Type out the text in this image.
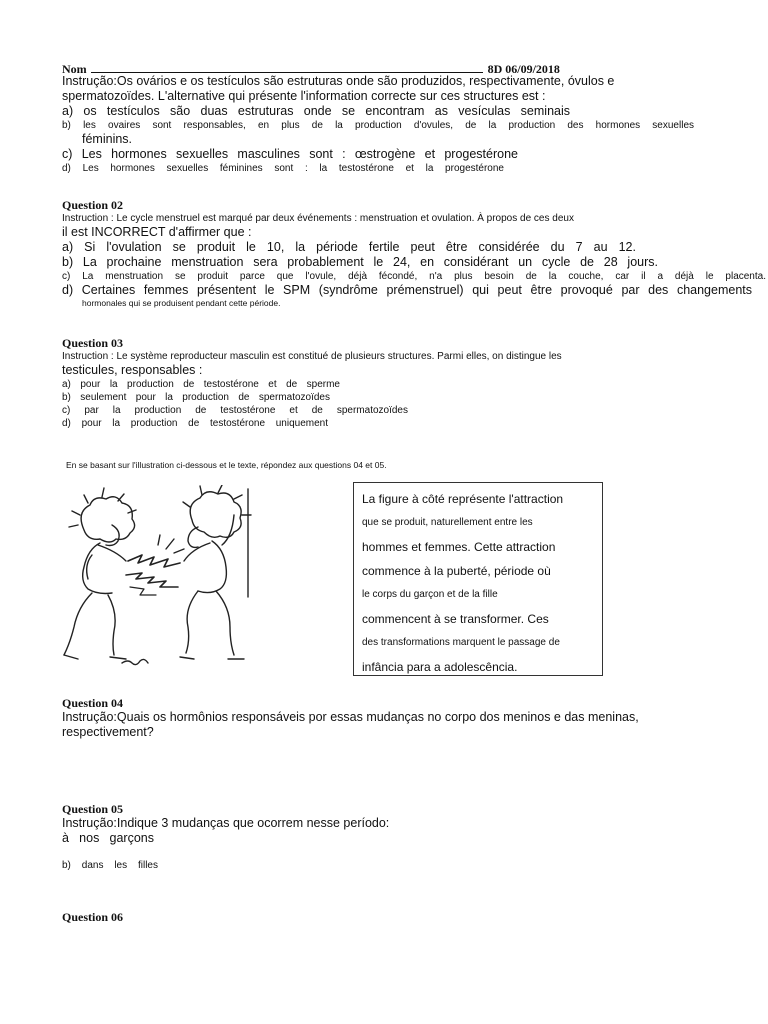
Nom	8D 06/09/2018
Instrução:Os ovários e os testículos são estruturas onde são produzidos, respectivamente, óvulos e
spermatozoïdes. L'alternative qui présente l'information correcte sur ces structures est :
a) os testículos são duas estruturas onde se encontram as vesículas seminais
b) les ovaires sont responsables, en plus de la production d'ovules, de la production des hormones sexuelles
féminins.
c) Les hormones sexuelles masculines sont : œstrogène et progestérone
d) Les hormones sexuelles féminines sont : la testostérone et la progestérone
Question 02
Instruction : Le cycle menstruel est marqué par deux événements : menstruation et ovulation. À propos de ces deux
il est INCORRECT d'affirmer que :
a) Si l'ovulation se produit le 10, la période fertile peut être considérée du 7 au 12.
b) La prochaine menstruation sera probablement le 24, en considérant un cycle de 28 jours.
c) La menstruation se produit parce que l'ovule, déjà fécondé, n'a plus besoin de la couche, car il a déjà le placenta.
d) Certaines femmes présentent le SPM (syndrôme prémenstruel) qui peut être provoqué par des changements
hormonales qui se produisent pendant cette période.
Question 03
Instruction : Le système reproducteur masculin est constitué de plusieurs structures. Parmi elles, on distingue les
testicules, responsables :
a) pour la production de testostérone et de sperme
b) seulement pour la production de spermatozoïdes
c) par la production de testostérone et de spermatozoïdes
d) pour la production de testostérone uniquement
En se basant sur l'illustration ci-dessous et le texte, répondez aux questions 04 et 05.
La figure à côté représente l'attraction
que se produit, naturellement entre les
hommes et femmes. Cette attraction
commence à la puberté, période où
le corps du garçon et de la fille
commencent à se transformer. Ces
des transformations marquent le passage de
infância para a adolescência.
Question 04
Instrução:Quais os hormônios responsáveis por essas mudanças no corpo dos meninos e das meninas,
respectivement?
Question 05
Instrução:Indique 3 mudanças que ocorrem nesse período:
à nos garçons
b) dans les filles
Question 06
